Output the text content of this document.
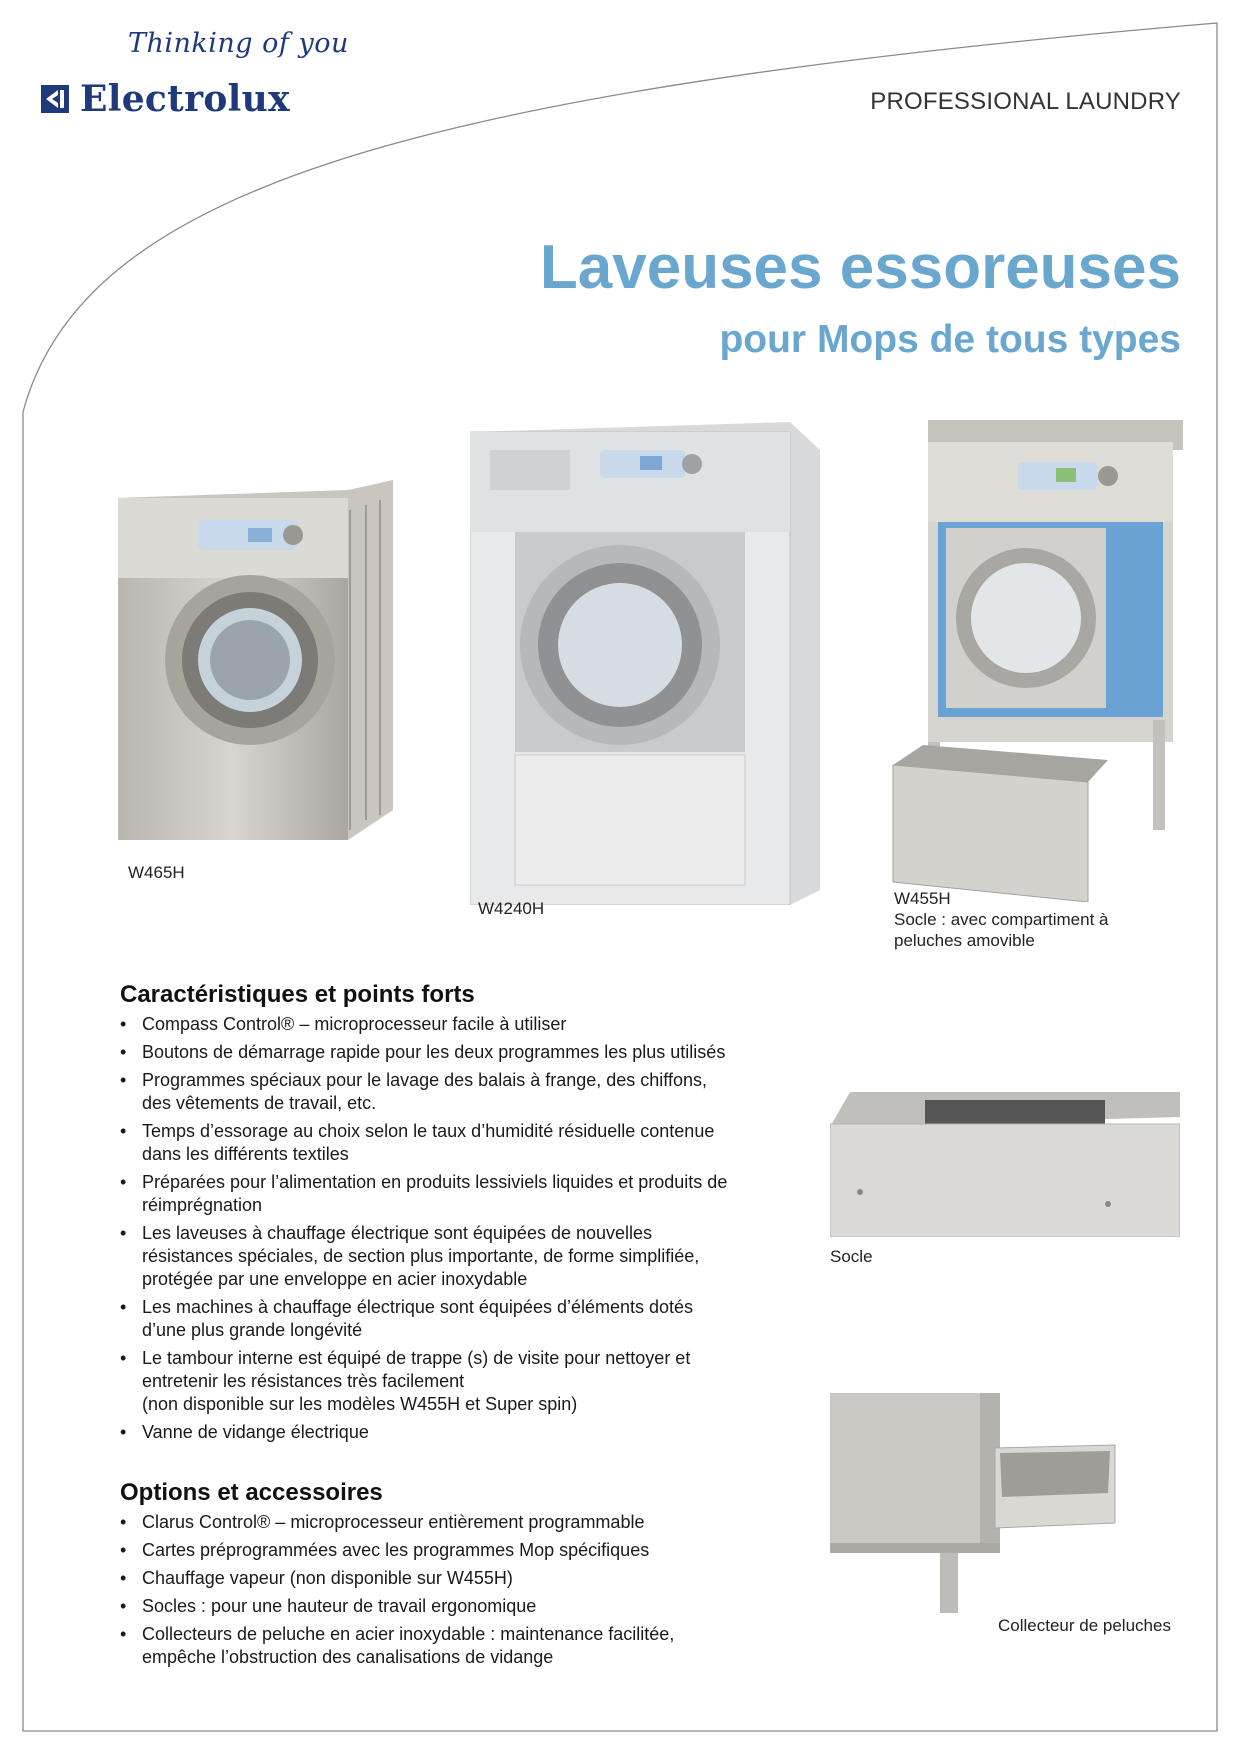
Thinking of you
Electrolux	PROFESSIONAL LAUNDRY
Laveuses essoreuses
pour Mops de tous types
W465H
W4240H
W455H
Socle : avec compartiment à
peluches amovible
Socle
Collecteur de peluches
Caractéristiques et points forts
• Compass Control® – microprocesseur facile à utiliser
• Boutons de démarrage rapide pour les deux programmes les plus utilisés
• Programmes spéciaux pour le lavage des balais à frange, des chiffons,
des vêtements de travail, etc.
• Temps d’essorage au choix selon le taux d’humidité résiduelle contenue
dans les différents textiles
• Préparées pour l’alimentation en produits lessiviels liquides et produits de
réimprégnation
• Les laveuses à chauffage électrique sont équipées de nouvelles
résistances spéciales, de section plus importante, de forme simplifiée,
protégée par une enveloppe en acier inoxydable
• Les machines à chauffage électrique sont équipées d’éléments dotés
d’une plus grande longévité
• Le tambour interne est équipé de trappe (s) de visite pour nettoyer et
entretenir les résistances très facilement
(non disponible sur les modèles W455H et Super spin)
• Vanne de vidange électrique
Options et accessoires
• Clarus Control® – microprocesseur entièrement programmable
• Cartes préprogrammées avec les programmes Mop spécifiques
• Chauffage vapeur (non disponible sur W455H)
• Socles : pour une hauteur de travail ergonomique
• Collecteurs de peluche en acier inoxydable : maintenance facilitée,
empêche l’obstruction des canalisations de vidange
